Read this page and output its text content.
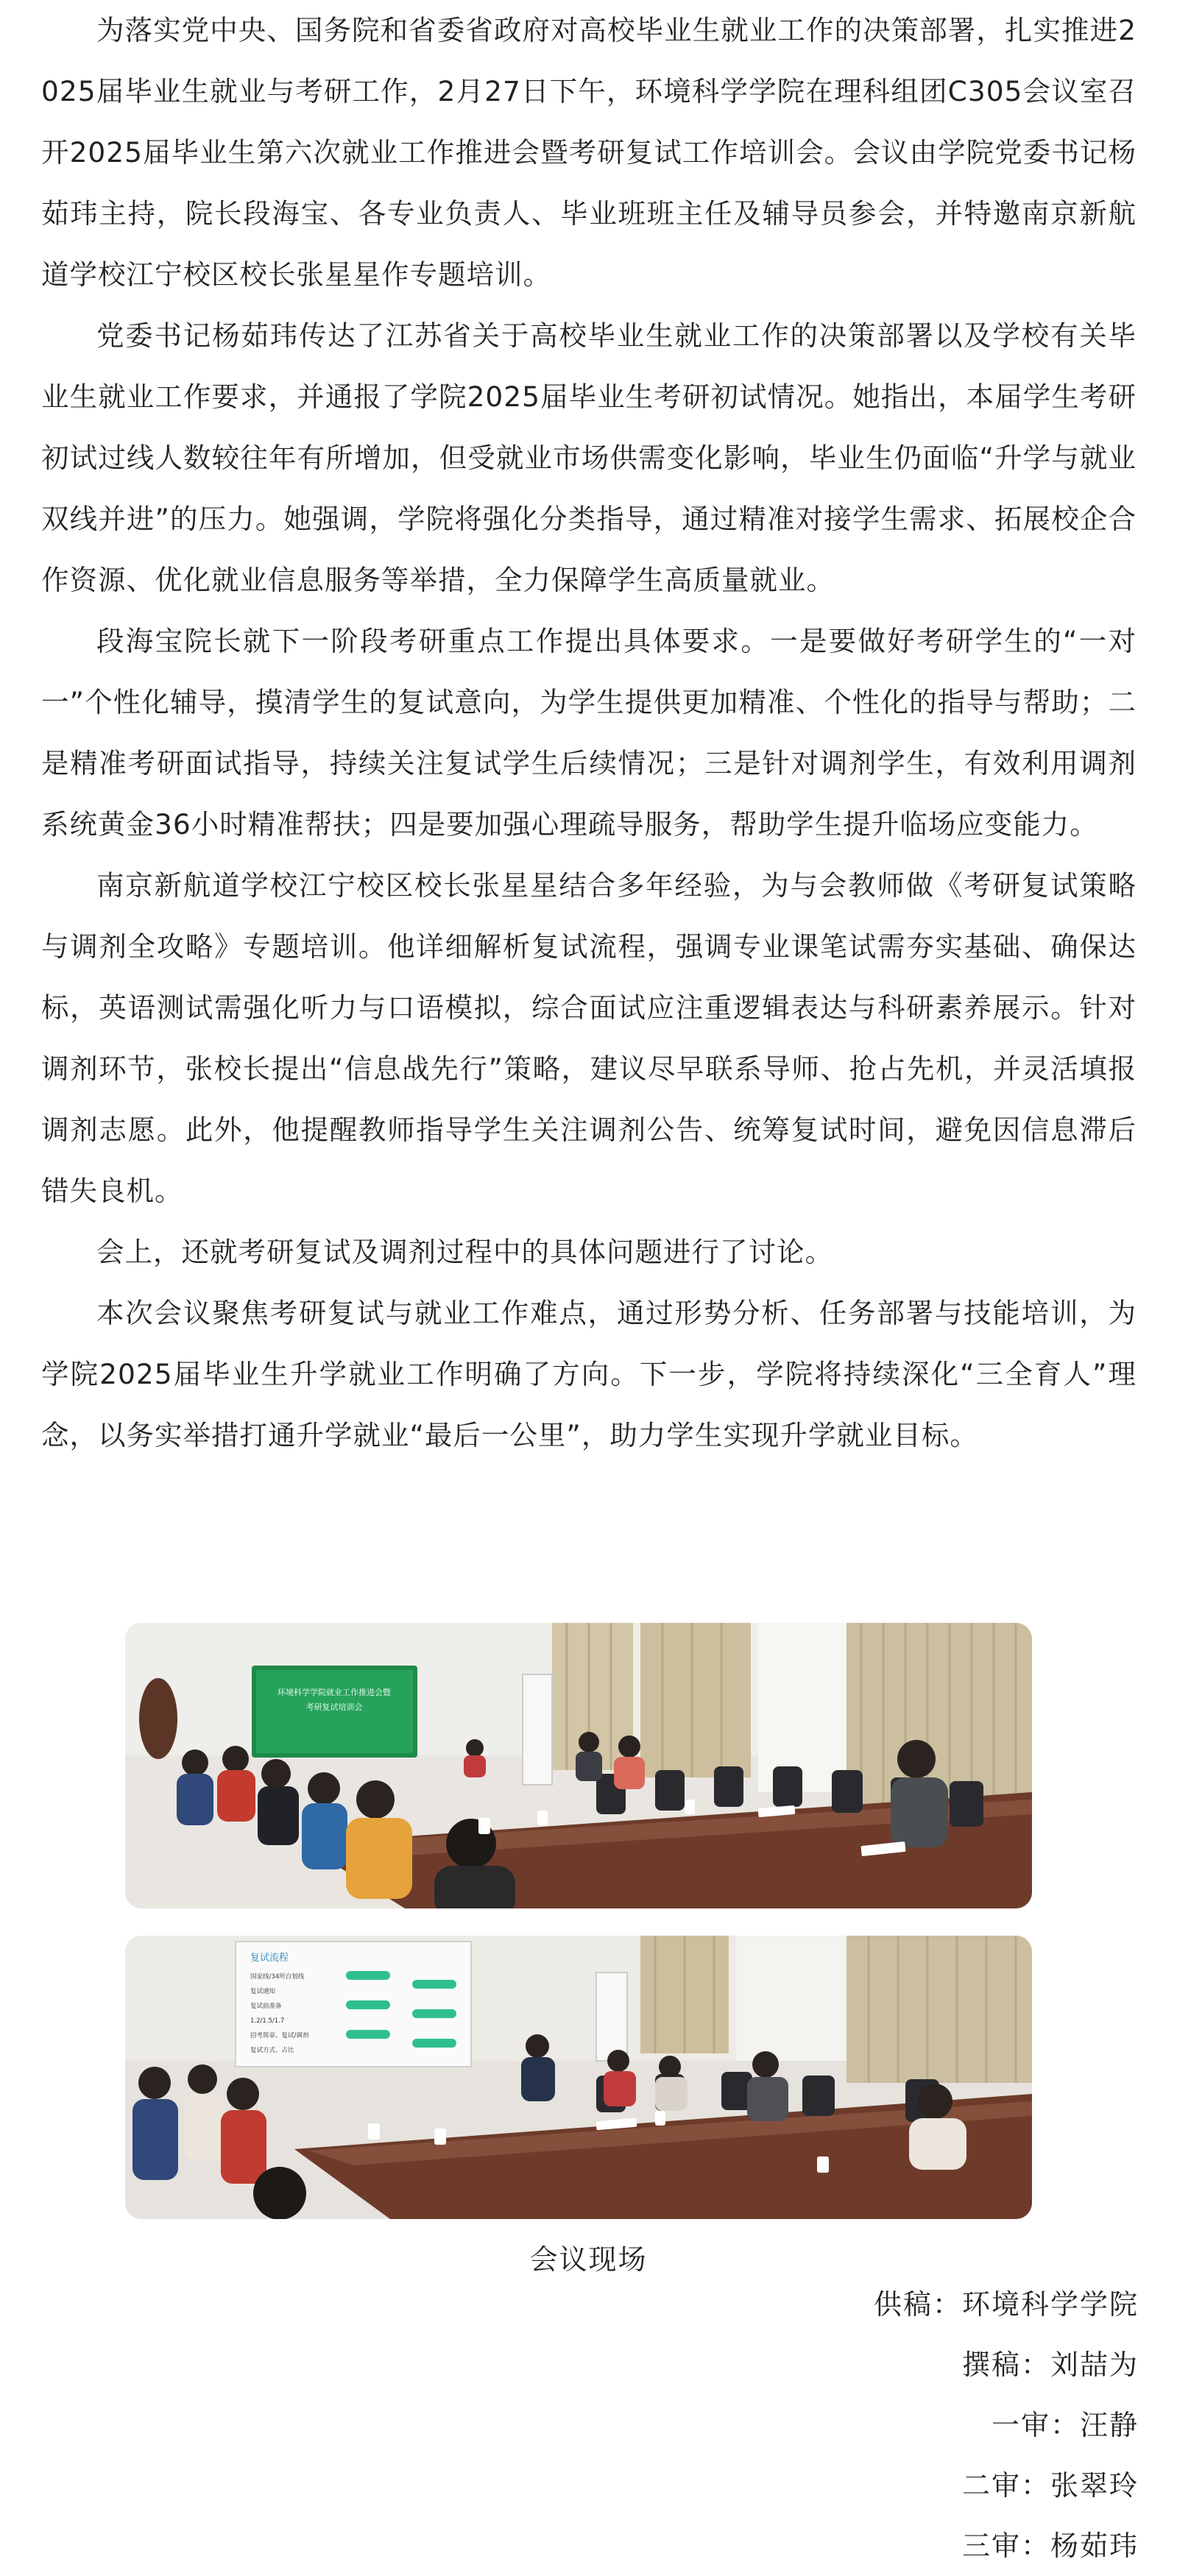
为落实党中央、国务院和省委省政府对高校毕业生就业工作的决策部署，扎实推进2025届毕业生就业与考研工作，2月27日下午，环境科学学院在理科组团C305会议室召开2025届毕业生第六次就业工作推进会暨考研复试工作培训会。会议由学院党委书记杨茹玮主持，院长段海宝、各专业负责人、毕业班班主任及辅导员参会，并特邀南京新航道学校江宁校区校长张星星作专题培训。

党委书记杨茹玮传达了江苏省关于高校毕业生就业工作的决策部署以及学校有关毕业生就业工作要求，并通报了学院2025届毕业生考研初试情况。她指出，本届学生考研初试过线人数较往年有所增加，但受就业市场供需变化影响，毕业生仍面临“升学与就业双线并进”的压力。她强调，学院将强化分类指导，通过精准对接学生需求、拓展校企合作资源、优化就业信息服务等举措，全力保障学生高质量就业。

段海宝院长就下一阶段考研重点工作提出具体要求。一是要做好考研学生的“一对一”个性化辅导，摸清学生的复试意向，为学生提供更加精准、个性化的指导与帮助；二是精准考研面试指导，持续关注复试学生后续情况；三是针对调剂学生，有效利用调剂系统黄金36小时精准帮扶；四是要加强心理疏导服务，帮助学生提升临场应变能力。

南京新航道学校江宁校区校长张星星结合多年经验，为与会教师做《考研复试策略与调剂全攻略》专题培训。他详细解析复试流程，强调专业课笔试需夯实基础、确保达标，英语测试需强化听力与口语模拟，综合面试应注重逻辑表达与科研素养展示。针对调剂环节，张校长提出“信息战先行”策略，建议尽早联系导师、抢占先机，并灵活填报调剂志愿。此外，他提醒教师指导学生关注调剂公告、统筹复试时间，避免因信息滞后错失良机。

会上，还就考研复试及调剂过程中的具体问题进行了讨论。

本次会议聚焦考研复试与就业工作难点，通过形势分析、任务部署与技能培训，为学院2025届毕业生升学就业工作明确了方向。下一步，学院将持续深化“三全育人”理念，以务实举措打通升学就业“最后一公里”，助力学生实现升学就业目标。

环境科学学院就业工作推进会暨
考研复试培训会
复试流程
国家线/34所自划线
复试通知
复试前准备
1.2/1.5/1.7
招考简章、复试/调剂
复试方式、占比
会议现场
供稿：环境科学学院
撰稿：刘喆为
一审：汪静
二审：张翠玲
三审：杨茹玮
